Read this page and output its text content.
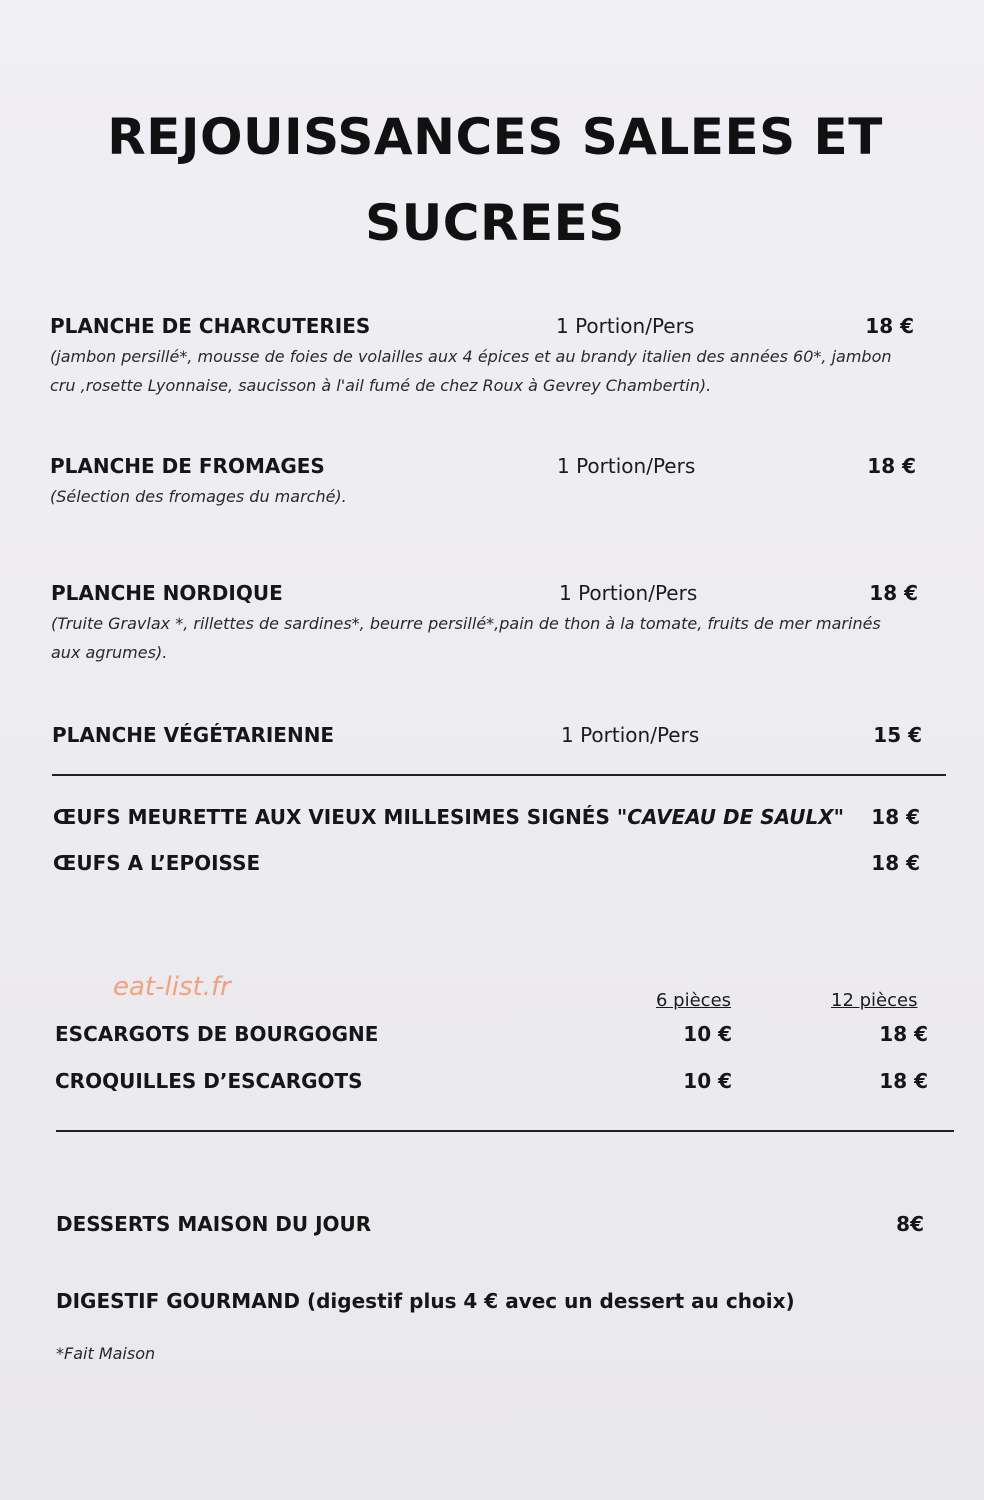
REJOUISSANCES SALEES ET
SUCREES
PLANCHE DE CHARCUTERIES	1 Portion/Pers	18 €
(jambon persillé*, mousse de foies de volailles aux 4 épices et au brandy italien des années 60*, jambon
cru ,rosette Lyonnaise, saucisson à l'ail fumé de chez Roux à Gevrey Chambertin).
PLANCHE DE FROMAGES	1 Portion/Pers	18 €
(Sélection des fromages du marché).
PLANCHE NORDIQUE	1 Portion/Pers	18 €
(Truite Gravlax *, rillettes de sardines*, beurre persillé*,pain de thon à la tomate, fruits de mer marinés
aux agrumes).
PLANCHE VÉGÉTARIENNE	1 Portion/Pers	15 €
ŒUFS MEURETTE AUX VIEUX MILLESIMES SIGNÉS "CAVEAU DE SAULX" 18 €
ŒUFS A L’EPOISSE	18 €
eat-list.fr	6 pièces	12 pièces
ESCARGOTS DE BOURGOGNE	10 €	18 €
CROQUILLES D’ESCARGOTS	10 €	18 €
DESSERTS MAISON DU JOUR	8€
DIGESTIF GOURMAND (digestif plus 4 € avec un dessert au choix)
*Fait Maison
